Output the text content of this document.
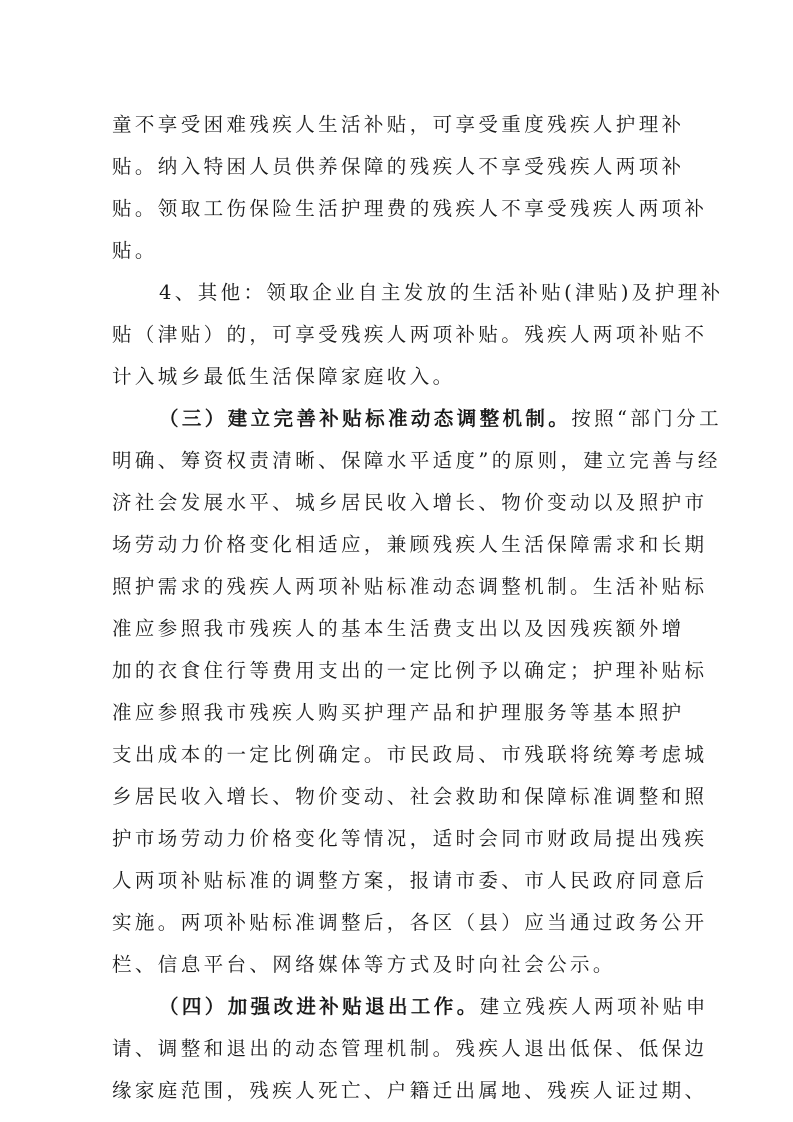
童不享受困难残疾人生活补贴，可享受重度残疾人护理补
贴。纳入特困人员供养保障的残疾人不享受残疾人两项补
贴。领取工伤保险生活护理费的残疾人不享受残疾人两项补
贴。
4、其他：领取企业自主发放的生活补贴(津贴)及护理补
贴（津贴）的，可享受残疾人两项补贴。残疾人两项补贴不
计入城乡最低生活保障家庭收入。
（三）建立完善补贴标准动态调整机制。按照“部门分工
明确、筹资权责清晰、保障水平适度”的原则，建立完善与经
济社会发展水平、城乡居民收入增长、物价变动以及照护市
场劳动力价格变化相适应，兼顾残疾人生活保障需求和长期
照护需求的残疾人两项补贴标准动态调整机制。生活补贴标
准应参照我市残疾人的基本生活费支出以及因残疾额外增
加的衣食住行等费用支出的一定比例予以确定；护理补贴标
准应参照我市残疾人购买护理产品和护理服务等基本照护
支出成本的一定比例确定。市民政局、市残联将统筹考虑城
乡居民收入增长、物价变动、社会救助和保障标准调整和照
护市场劳动力价格变化等情况，适时会同市财政局提出残疾
人两项补贴标准的调整方案，报请市委、市人民政府同意后
实施。两项补贴标准调整后，各区（县）应当通过政务公开
栏、信息平台、网络媒体等方式及时向社会公示。
（四）加强改进补贴退出工作。建立残疾人两项补贴申
请、调整和退出的动态管理机制。残疾人退出低保、低保边
缘家庭范围，残疾人死亡、户籍迁出属地、残疾人证过期、
